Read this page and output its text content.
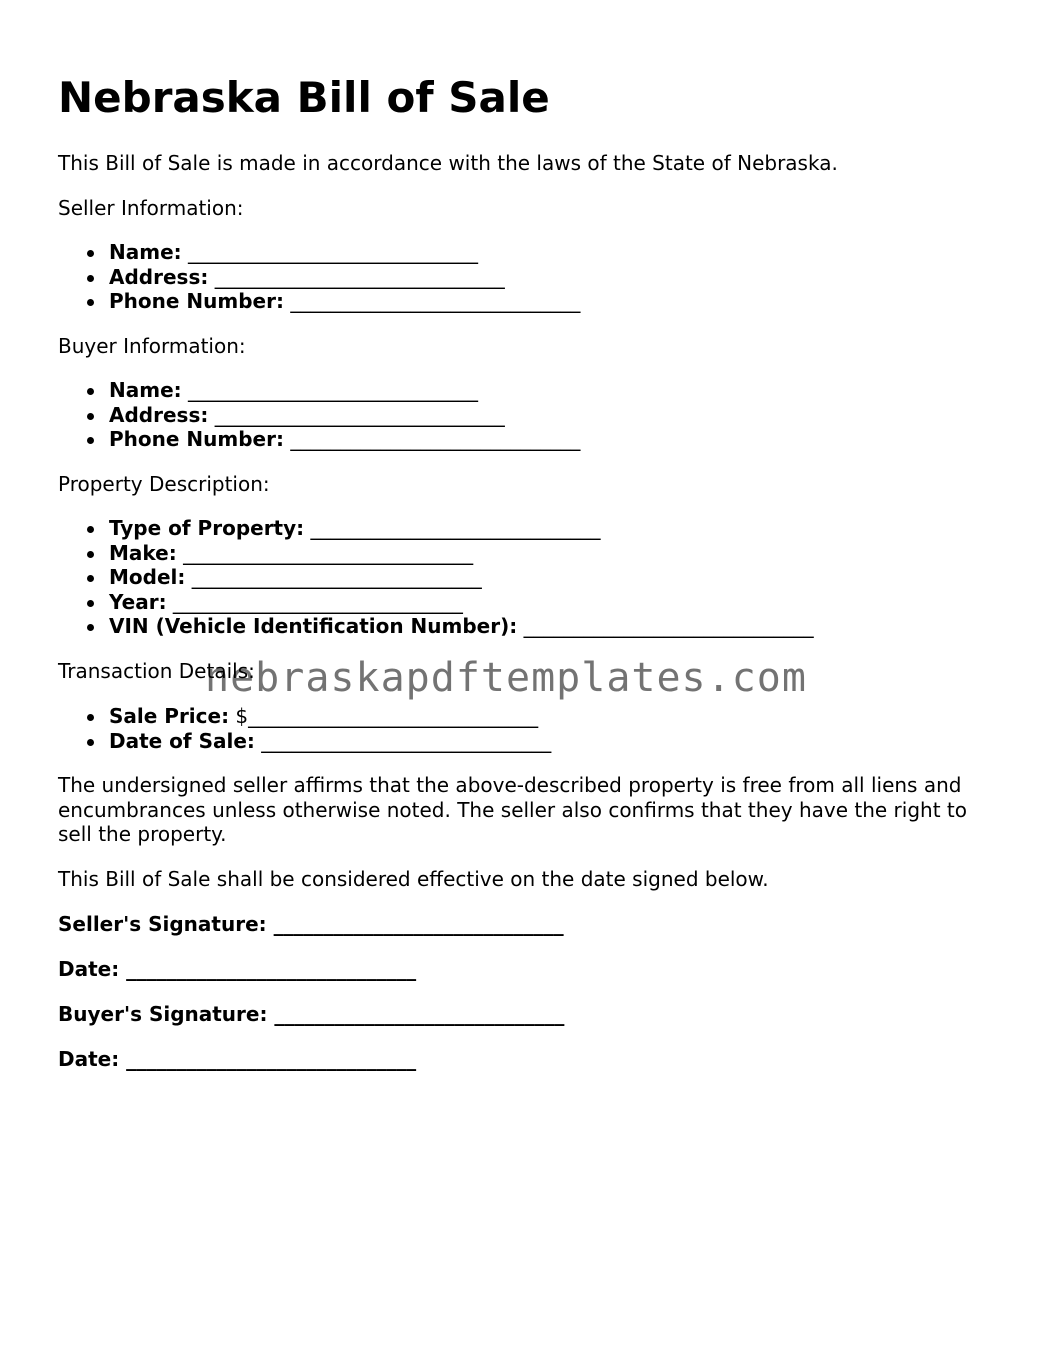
Nebraska Bill of Sale

This Bill of Sale is made in accordance with the laws of the State of Nebraska.

Seller Information:

Name: _____________________________
Address: _____________________________
Phone Number: _____________________________

Buyer Information:

Name: _____________________________
Address: _____________________________
Phone Number: _____________________________

Property Description:

Type of Property: _____________________________
Make: _____________________________
Model: _____________________________
Year: _____________________________
VIN (Vehicle Identification Number): _____________________________

Transaction Details:

Sale Price: $_____________________________
Date of Sale: _____________________________

The undersigned seller affirms that the above-described property is free from all liens and encumbrances unless otherwise noted. The seller also confirms that they have the right to sell the property.

This Bill of Sale shall be considered effective on the date signed below.

Seller's Signature: _____________________________

Date: _____________________________

Buyer's Signature: _____________________________

Date: _____________________________

nebraskapdftemplates.com
